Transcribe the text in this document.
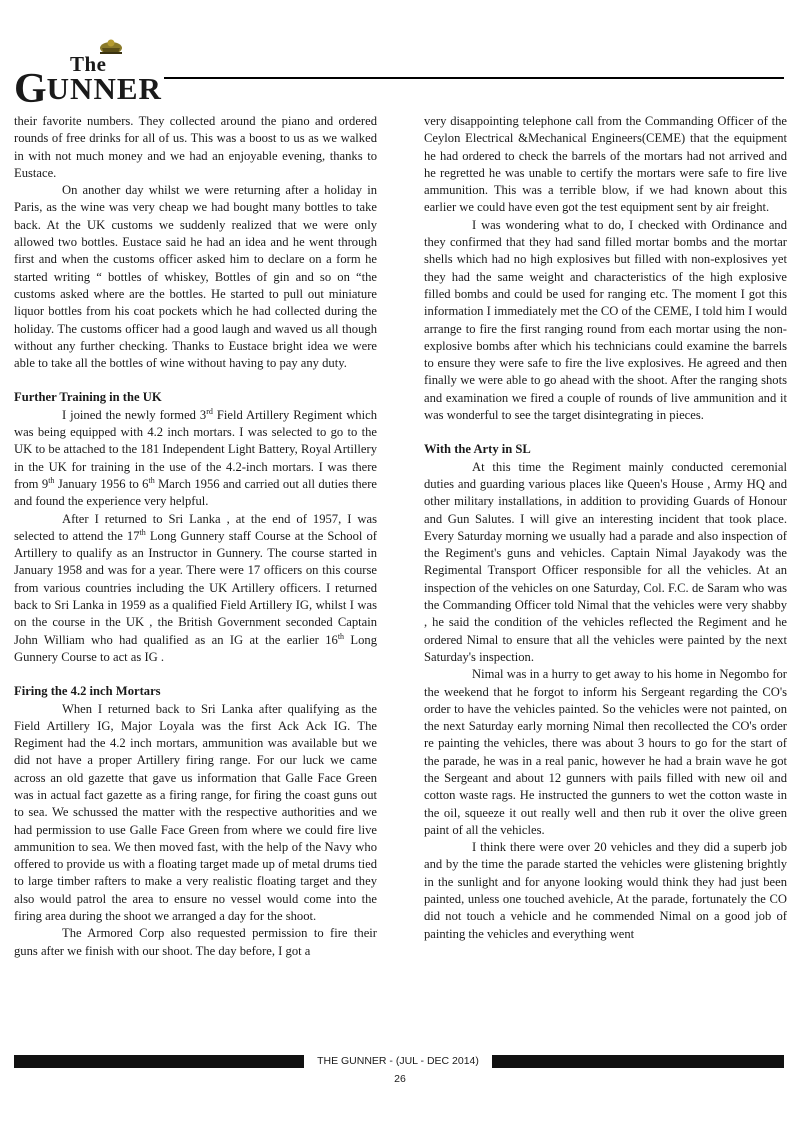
The
GUNNER

their favorite numbers. They collected around the piano and ordered rounds of free drinks for all of us. This was a boost to us as we walked in with not much money and we had an enjoyable evening, thanks to Eustace.

On another day whilst we were returning after a holiday in Paris, as the wine was very cheap we had bought many bottles to take back. At the UK customs we suddenly realized that we were only allowed two bottles. Eustace said he had an idea and he went through first and when the customs officer asked him to declare on a form he started writing “ bottles of whiskey, Bottles of gin and so on “the customs asked where are the bottles. He started to pull out miniature liquor bottles from his coat pockets which he had collected during the holiday. The customs officer had a good laugh and waved us all though without any further checking. Thanks to Eustace bright idea we were able to take all the bottles of wine without having to pay any duty.

Further Training in the UK

I joined the newly formed 3rd Field Artillery Regiment which was being equipped with 4.2 inch mortars. I was selected to go to the UK to be attached to the 181 Independent Light Battery, Royal Artillery in the UK for training in the use of the 4.2-inch mortars. I was there from 9th January 1956 to 6th March 1956 and carried out all duties there and found the experience very helpful.

After I returned to Sri Lanka , at the end of 1957, I was selected to attend the 17th Long Gunnery staff Course at the School of Artillery to qualify as an Instructor in Gunnery. The course started in January 1958 and was for a year. There were 17 officers on this course from various countries including the UK Artillery officers. I returned back to Sri Lanka in 1959 as a qualified Field Artillery IG, whilst I was on the course in the UK , the British Government seconded Captain John William who had qualified as an IG at the earlier 16th Long Gunnery Course to act as IG .

Firing the 4.2 inch Mortars

When I returned back to Sri Lanka after qualifying as the Field Artillery IG, Major Loyala was the first Ack Ack IG. The Regiment had the 4.2 inch mortars, ammunition was available but we did not have a proper Artillery firing range. For our luck we came across an old gazette that gave us information that Galle Face Green was in actual fact gazette as a firing range, for firing the coast guns out to sea. We schussed the matter with the respective authorities and we had permission to use Galle Face Green from where we could fire live ammunition to sea. We then moved fast, with the help of the Navy who offered to provide us with a floating target made up of metal drums tied to large timber rafters to make a very realistic floating target and they also would patrol the area to ensure no vessel would come into the firing area during the shoot we arranged a day for the shoot.

The Armored Corp also requested permission to fire their guns after we finish with our shoot. The day before, I got a

very disappointing telephone call from the Commanding Officer of the Ceylon Electrical &Mechanical Engineers(CEME) that the equipment he had ordered to check the barrels of the mortars had not arrived and he regretted he was unable to certify the mortars were safe to fire live ammunition. This was a terrible blow, if we had known about this earlier we could have even got the test equipment sent by air freight.

I was wondering what to do, I checked with Ordinance and they confirmed that they had sand filled mortar bombs and the mortar shells which had no high explosives but filled with non-explosives yet they had the same weight and characteristics of the high explosive filled bombs and could be used for ranging etc. The moment I got this information I immediately met the CO of the CEME, I told him I would arrange to fire the first ranging round from each mortar using the non-explosive bombs after which his technicians could examine the barrels to ensure they were safe to fire the live explosives. He agreed and then finally we were able to go ahead with the shoot. After the ranging shots and examination we fired a couple of rounds of live ammunition and it was wonderful to see the target disintegrating in pieces.

With the Arty in SL

At this time the Regiment mainly conducted ceremonial duties and guarding various places like Queen's House , Army HQ and other military installations, in addition to providing Guards of Honour and Gun Salutes. I will give an interesting incident that took place. Every Saturday morning we usually had a parade and also inspection of the Regiment's guns and vehicles. Captain Nimal Jayakody was the Regimental Transport Officer responsible for all the vehicles. At an inspection of the vehicles on one Saturday, Col. F.C. de Saram who was the Commanding Officer told Nimal that the vehicles were very shabby , he said the condition of the vehicles reflected the Regiment and he ordered Nimal to ensure that all the vehicles were painted by the next Saturday's inspection.

Nimal was in a hurry to get away to his home in Negombo for the weekend that he forgot to inform his Sergeant regarding the CO's order to have the vehicles painted. So the vehicles were not painted, on the next Saturday early morning Nimal then recollected the CO's order re painting the vehicles, there was about 3 hours to go for the start of the parade, he was in a real panic, however he had a brain wave he got the Sergeant and about 12 gunners with pails filled with new oil and cotton waste rags. He instructed the gunners to wet the cotton waste in the oil, squeeze it out really well and then rub it over the olive green paint of all the vehicles.

I think there were over 20 vehicles and they did a superb job and by the time the parade started the vehicles were glistening brightly in the sunlight and for anyone looking would think they had just been painted, unless one touched avehicle, At the parade, fortunately the CO did not touch a vehicle and he commended Nimal on a good job of painting the vehicles and everything went

THE GUNNER - (JUL - DEC 2014)
26
